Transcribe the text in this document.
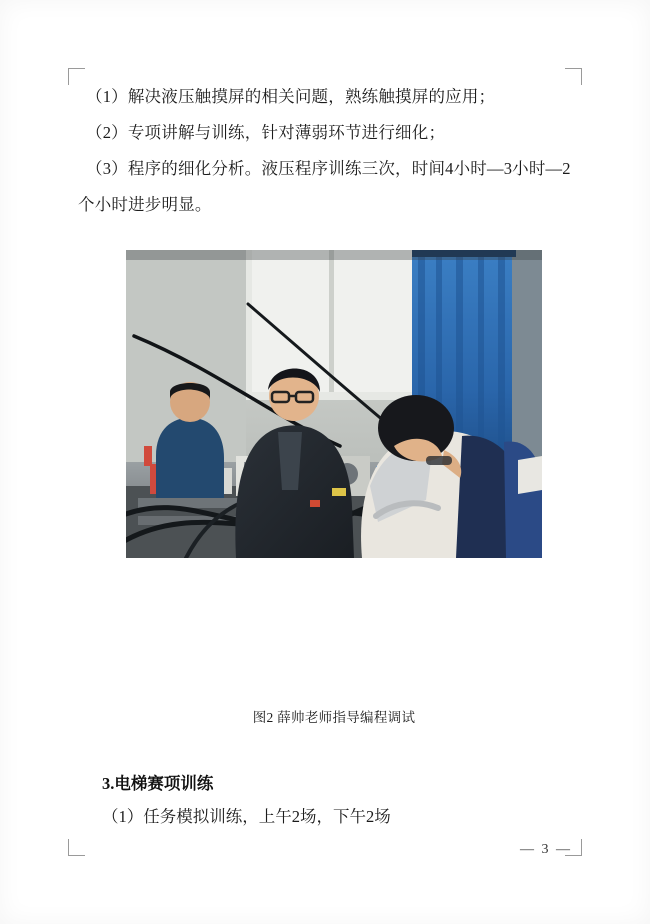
（1）解决液压触摸屏的相关问题，熟练触摸屏的应用；

（2）专项讲解与训练，针对薄弱环节进行细化；

（3）程序的细化分析。液压程序训练三次，时间4小时—3小时—2

个小时进步明显。

图2 薛帅老师指导编程调试
3.电梯赛项训练
（1）任务模拟训练，上午2场，下午2场
— 3 —
